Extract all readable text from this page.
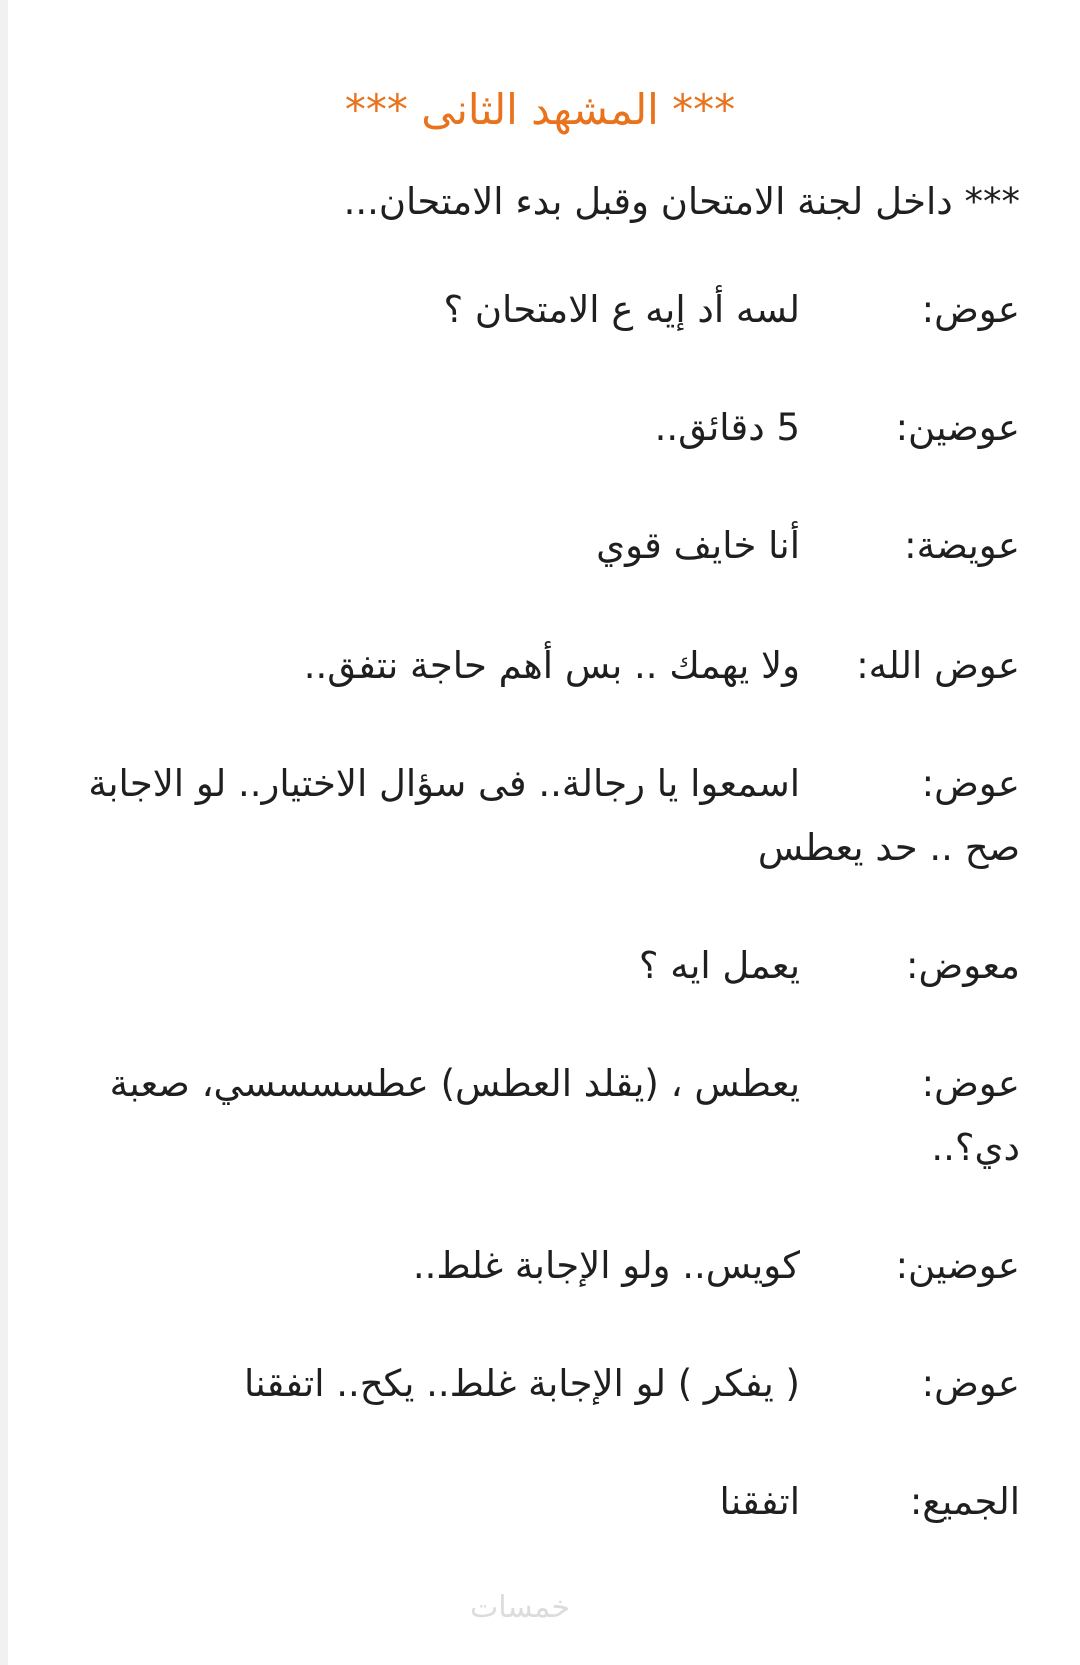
*** المشهد الثانى ***
*** داخل لجنة الامتحان وقبل بدء الامتحان...
عوض:
لسه أد إيه ع الامتحان ؟
عوضين:
5 دقائق..
عويضة:
أنا خايف قوي
عوض الله:
ولا يهمك .. بس أهم حاجة نتفق..
عوض:
اسمعوا يا رجالة.. فى سؤال الاختيار.. لو الاجابة صح .. حد يعطس
معوض:
يعمل ايه ؟
عوض:
يعطس ، (يقلد العطس) عطسسسسي، صعبة دي؟..
عوضين:
كويس.. ولو الإجابة غلط..
عوض:
( يفكر ) لو الإجابة غلط.. يكح.. اتفقنا
الجميع:
اتفقنا
خمسات
